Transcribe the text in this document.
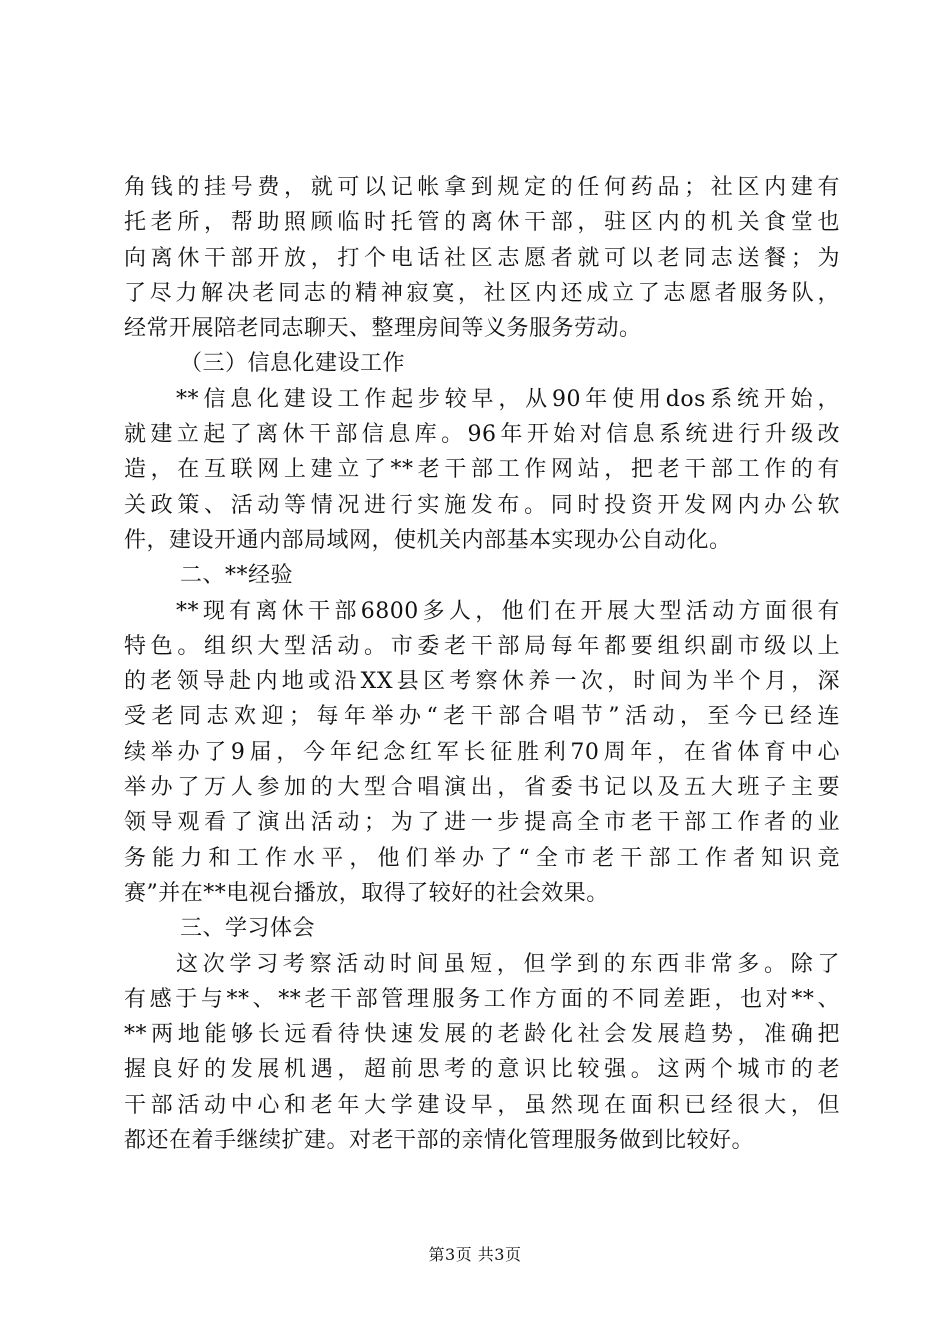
角钱的挂号费，就可以记帐拿到规定的任何药品；社区内建有
托老所，帮助照顾临时托管的离休干部，驻区内的机关食堂也
向离休干部开放，打个电话社区志愿者就可以老同志送餐；为
了尽力解决老同志的精神寂寞，社区内还成立了志愿者服务队，
经常开展陪老同志聊天、整理房间等义务服务劳动。
（三）信息化建设工作
**信息化建设工作起步较早，从90年使用dos系统开始，
就建立起了离休干部信息库。96年开始对信息系统进行升级改
造，在互联网上建立了**老干部工作网站，把老干部工作的有
关政策、活动等情况进行实施发布。同时投资开发网内办公软
件，建设开通内部局域网，使机关内部基本实现办公自动化。
二、**经验
**现有离休干部6800多人，他们在开展大型活动方面很有
特色。组织大型活动。市委老干部局每年都要组织副市级以上
的老领导赴内地或沿XX县区考察休养一次，时间为半个月，深
受老同志欢迎；每年举办“老干部合唱节”活动，至今已经连
续举办了9届，今年纪念红军长征胜利70周年，在省体育中心
举办了万人参加的大型合唱演出，省委书记以及五大班子主要
领导观看了演出活动；为了进一步提高全市老干部工作者的业
务能力和工作水平，他们举办了“全市老干部工作者知识竞
赛”并在**电视台播放，取得了较好的社会效果。
三、学习体会
这次学习考察活动时间虽短，但学到的东西非常多。除了
有感于与**、**老干部管理服务工作方面的不同差距，也对**、
**两地能够长远看待快速发展的老龄化社会发展趋势，准确把
握良好的发展机遇，超前思考的意识比较强。这两个城市的老
干部活动中心和老年大学建设早，虽然现在面积已经很大，但
都还在着手继续扩建。对老干部的亲情化管理服务做到比较好。
第3页 共3页
